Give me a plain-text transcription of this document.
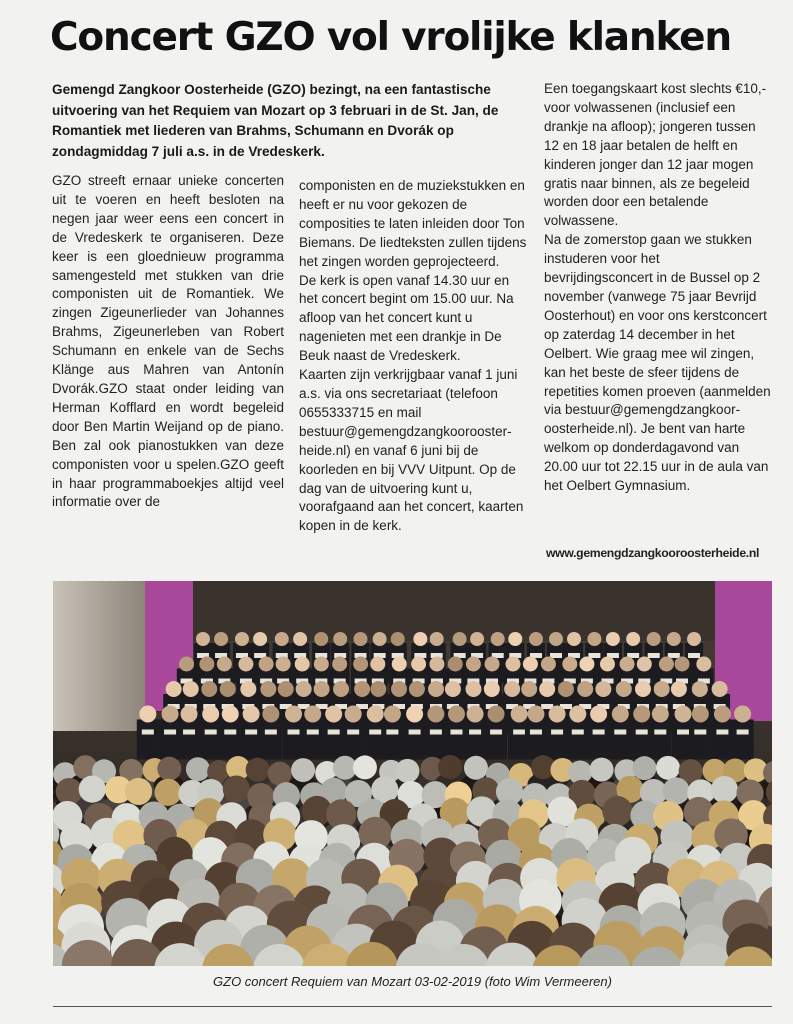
Concert GZO vol vrolijke klanken
Gemengd Zangkoor Oosterheide (GZO) bezingt, na een fantastische uitvoering van het Requiem van Mozart op 3 februari in de St. Jan, de Romantiek met liederen van Brahms, Schumann en Dvorák op zondagmiddag 7 juli a.s. in de Vredeskerk.

GZO streeft ernaar unieke concerten uit te voeren en heeft besloten na negen jaar weer eens een concert in de Vredeskerk te organiseren. Deze keer is een gloednieuw programma samengesteld met stukken van drie componisten uit de Romantiek. We zingen Zigeunerlieder van Johannes Brahms, Zigeunerleben van Robert Schumann en enkele van de Sechs Klänge aus Mahren van Antonín Dvorák.GZO staat onder leiding van Herman Kofflard en wordt begeleid door Ben Martin Weijand op de piano. Ben zal ook pianostukken van deze componisten voor u spelen.GZO geeft in haar programmaboekjes altijd veel informatie over de

componisten en de muziekstukken en heeft er nu voor gekozen de composities te laten inleiden door Ton Biemans. De liedteksten zullen tijdens het zingen worden geprojecteerd.

De kerk is open vanaf 14.30 uur en het concert begint om 15.00 uur. Na afloop van het concert kunt u nagenieten met een drankje in De Beuk naast de Vredeskerk.

Kaarten zijn verkrijgbaar vanaf 1 juni a.s. via ons secretariaat (telefoon 0655333715 en mail bestuur@gemengdzangkooroosterheide.nl) en vanaf 6 juni bij de koorleden en bij VVV Uitpunt. Op de dag van de uitvoering kunt u, voorafgaand aan het concert, kaarten kopen in de kerk.

Een toegangskaart kost slechts €10,- voor volwassenen (inclusief een drankje na afloop); jongeren tussen 12 en 18 jaar betalen de helft en kinderen jonger dan 12 jaar mogen gratis naar binnen, als ze begeleid worden door een betalende volwassene.

Na de zomerstop gaan we stukken instuderen voor het bevrijdingsconcert in de Bussel op 2 november (vanwege 75 jaar Bevrijd Oosterhout) en voor ons kerstconcert op zaterdag 14 december in het Oelbert. Wie graag mee wil zingen, kan het beste de sfeer tijdens de repetities komen proeven (aanmelden via bestuur@gemengdzangkooroosterheide.nl). Je bent van harte welkom op donderdagavond van 20.00 uur tot 22.15 uur in de aula van het Oelbert Gymnasium.

www.gemengdzangkooroosterheide.nl
GZO concert Requiem van Mozart 03-02-2019 (foto Wim Vermeeren)
